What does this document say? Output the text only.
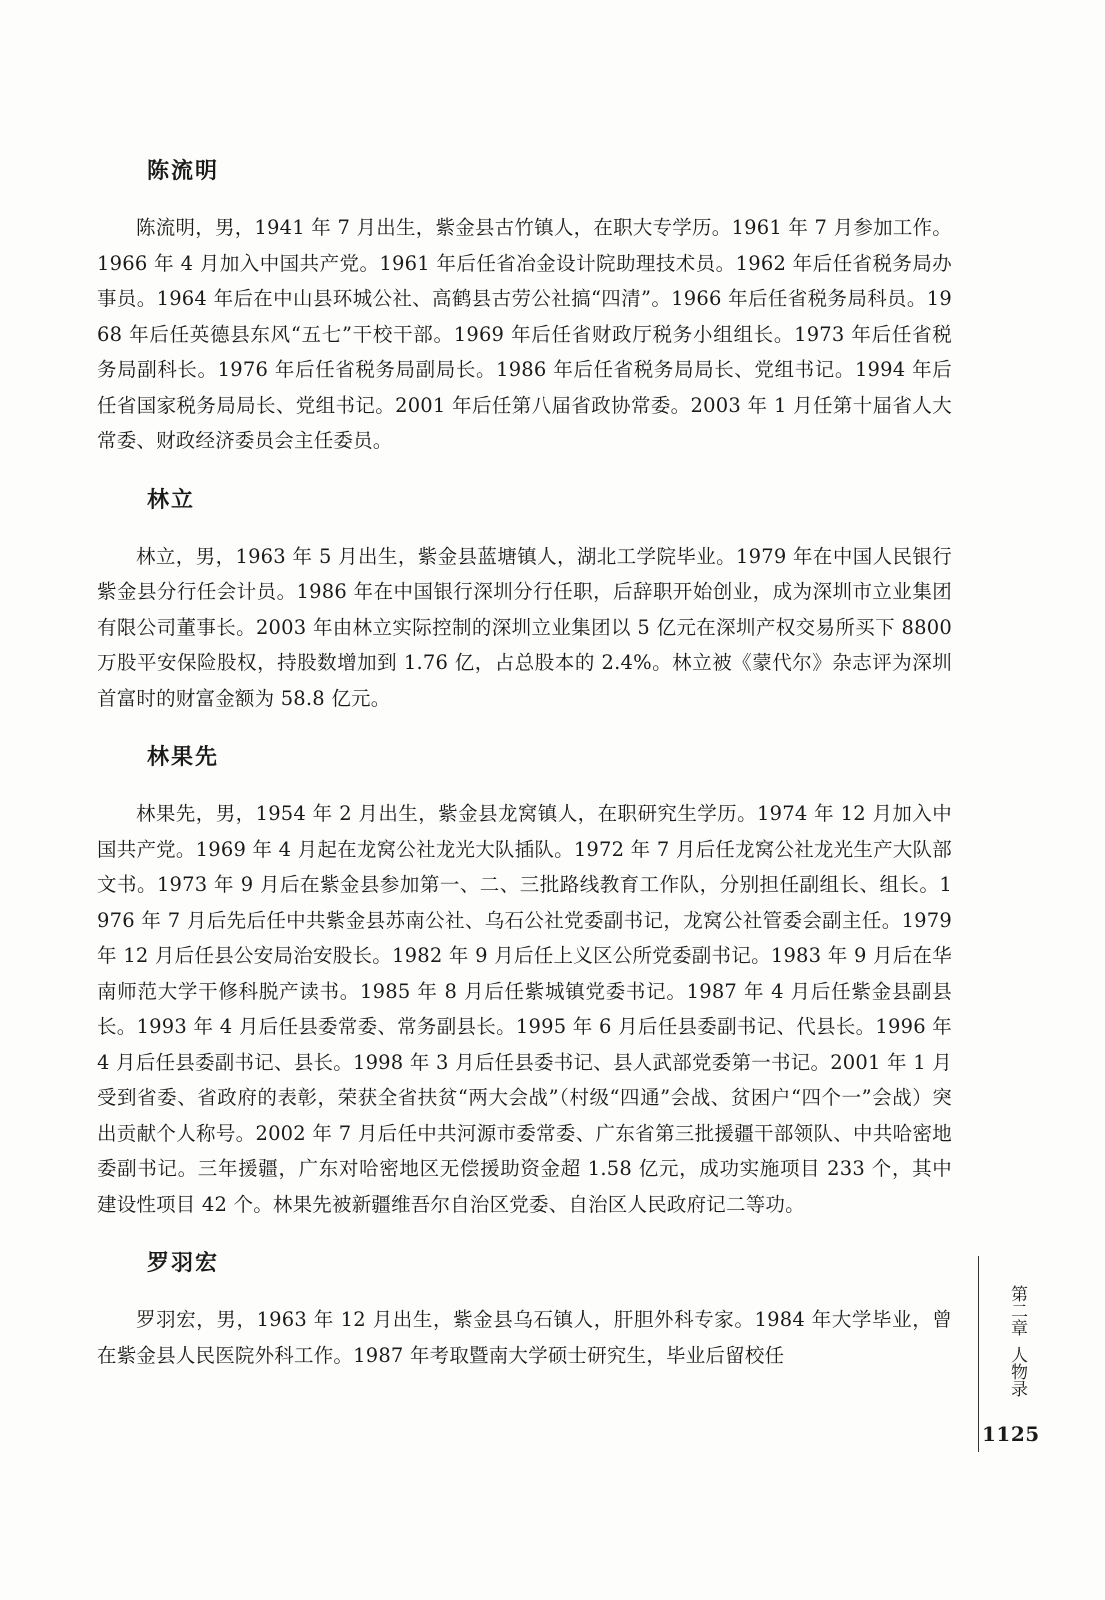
陈流明

陈流明，男，1941 年 7 月出生，紫金县古竹镇人，在职大专学历。1961 年 7 月参加工作。1966 年 4 月加入中国共产党。1961 年后任省冶金设计院助理技术员。1962 年后任省税务局办事员。1964 年后在中山县环城公社、高鹤县古劳公社搞“四清”。1966 年后任省税务局科员。1968 年后任英德县东风“五七”干校干部。1969 年后任省财政厅税务小组组长。1973 年后任省税务局副科长。1976 年后任省税务局副局长。1986 年后任省税务局局长、党组书记。1994 年后任省国家税务局局长、党组书记。2001 年后任第八届省政协常委。2003 年 1 月任第十届省人大常委、财政经济委员会主任委员。

林立

林立，男，1963 年 5 月出生，紫金县蓝塘镇人，湖北工学院毕业。1979 年在中国人民银行紫金县分行任会计员。1986 年在中国银行深圳分行任职，后辞职开始创业，成为深圳市立业集团有限公司董事长。2003 年由林立实际控制的深圳立业集团以 5 亿元在深圳产权交易所买下 8800 万股平安保险股权，持股数增加到 1.76 亿，占总股本的 2.4%。林立被《蒙代尔》杂志评为深圳首富时的财富金额为 58.8 亿元。

林果先

林果先，男，1954 年 2 月出生，紫金县龙窝镇人，在职研究生学历。1974 年 12 月加入中国共产党。1969 年 4 月起在龙窝公社龙光大队插队。1972 年 7 月后任龙窝公社龙光生产大队部文书。1973 年 9 月后在紫金县参加第一、二、三批路线教育工作队，分别担任副组长、组长。1976 年 7 月后先后任中共紫金县苏南公社、乌石公社党委副书记，龙窝公社管委会副主任。1979 年 12 月后任县公安局治安股长。1982 年 9 月后任上义区公所党委副书记。1983 年 9 月后在华南师范大学干修科脱产读书。1985 年 8 月后任紫城镇党委书记。1987 年 4 月后任紫金县副县长。1993 年 4 月后任县委常委、常务副县长。1995 年 6 月后任县委副书记、代县长。1996 年 4 月后任县委副书记、县长。1998 年 3 月后任县委书记、县人武部党委第一书记。2001 年 1 月受到省委、省政府的表彰，荣获全省扶贫“两大会战”（村级“四通”会战、贫困户“四个一”会战）突出贡献个人称号。2002 年 7 月后任中共河源市委常委、广东省第三批援疆干部领队、中共哈密地委副书记。三年援疆，广东对哈密地区无偿援助资金超 1.58 亿元，成功实施项目 233 个，其中建设性项目 42 个。林果先被新疆维吾尔自治区党委、自治区人民政府记二等功。

罗羽宏

罗羽宏，男，1963 年 12 月出生，紫金县乌石镇人，肝胆外科专家。1984 年大学毕业，曾在紫金县人民医院外科工作。1987 年考取暨南大学硕士研究生，毕业后留校任

第二章  人物录
1125
